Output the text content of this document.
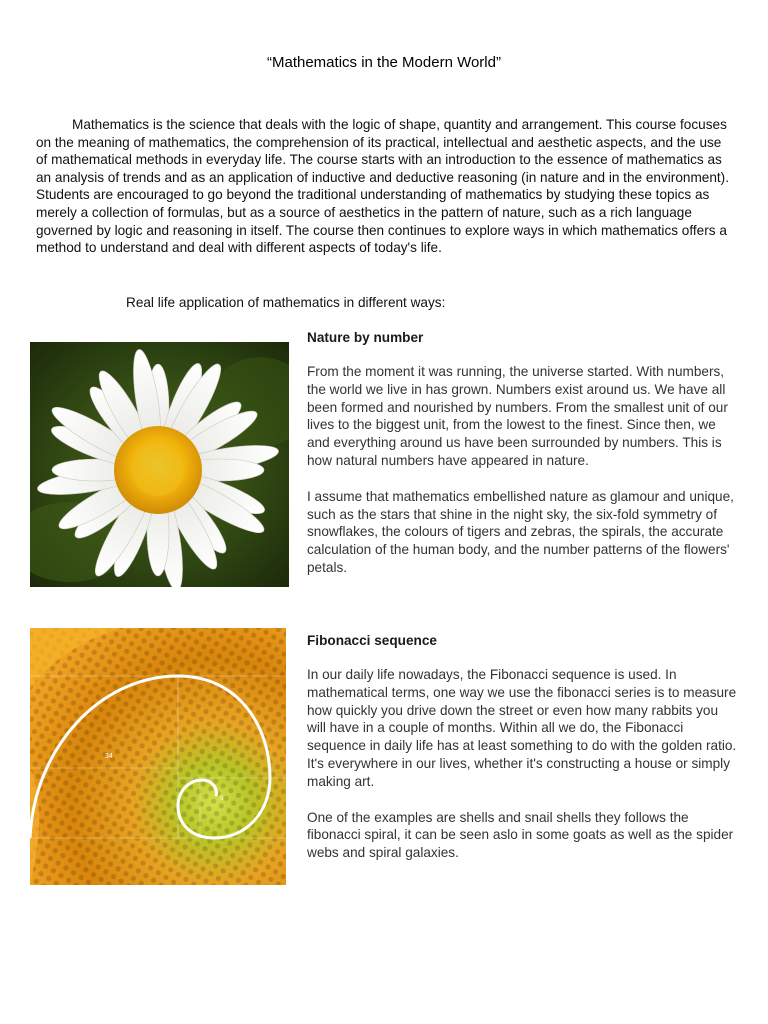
“Mathematics in the Modern World”

Mathematics is the science that deals with the logic of shape, quantity and arrangement. This course focuses on the meaning of mathematics, the comprehension of its practical, intellectual and aesthetic aspects, and the use of mathematical methods in everyday life. The course starts with an introduction to the essence of mathematics as an analysis of trends and as an application of inductive and deductive reasoning (in nature and in the environment). Students are encouraged to go beyond the traditional understanding of mathematics by studying these topics as merely a collection of formulas, but as a source of aesthetics in the pattern of nature, such as a rich language governed by logic and reasoning in itself. The course then continues to explore ways in which mathematics offers a method to understand and deal with different aspects of today's life.

Real life application of mathematics in different ways:

34
5
Nature by number

From the moment it was running, the universe started. With numbers, the world we live in has grown. Numbers exist around us. We have all been formed and nourished by numbers. From the smallest unit of our lives to the biggest unit, from the lowest to the finest. Since then, we and everything around us have been surrounded by numbers. This is how natural numbers have appeared in nature.

I assume that mathematics embellished nature as glamour and unique, such as the stars that shine in the night sky, the six-fold symmetry of snowflakes, the colours of tigers and zebras, the spirals, the accurate calculation of the human body, and the number patterns of the flowers' petals.

Fibonacci sequence

In our daily life nowadays, the Fibonacci sequence is used. In mathematical terms, one way we use the fibonacci series is to measure how quickly you drive down the street or even how many rabbits you will have in a couple of months. Within all we do, the Fibonacci sequence in daily life has at least something to do with the golden ratio. It's everywhere in our lives, whether it's constructing a house or simply making art.

One of the examples are shells and snail shells they follows the fibonacci spiral, it can be seen aslo in some goats as well as the spider webs and spiral galaxies.
